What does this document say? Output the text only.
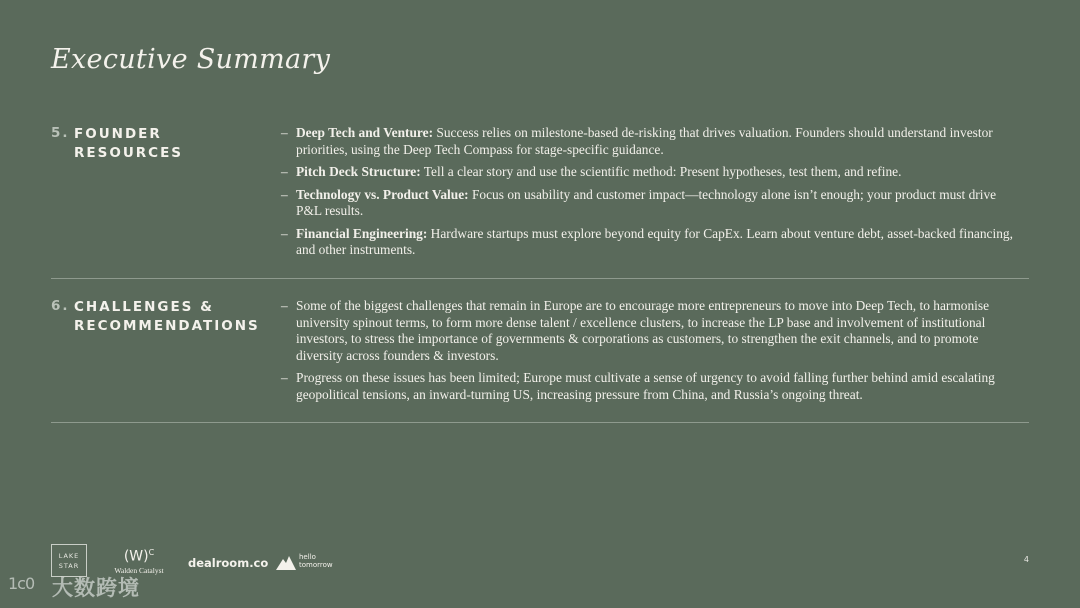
Executive Summary
5. FOUNDER RESOURCES
– Deep Tech and Venture: Success relies on milestone-based de-risking that drives valuation. Founders should understand investor priorities, using the Deep Tech Compass for stage-specific guidance.
– Pitch Deck Structure: Tell a clear story and use the scientific method: Present hypotheses, test them, and refine.
– Technology vs. Product Value: Focus on usability and customer impact—technology alone isn’t enough; your product must drive P&L results.
– Financial Engineering: Hardware startups must explore beyond equity for CapEx. Learn about venture debt, asset-backed financing, and other instruments.
6. CHALLENGES & RECOMMENDATIONS
– Some of the biggest challenges that remain in Europe are to encourage more entrepreneurs to move into Deep Tech, to harmonise university spinout terms, to form more dense talent / excellence clusters, to increase the LP base and involvement of institutional investors, to stress the importance of governments & corporations as customers, to strengthen the exit channels, and to promote diversity across founders & investors.
– Progress on these issues has been limited; Europe must cultivate a sense of urgency to avoid falling further behind amid escalating geopolitical tensions, an inward-turning US, increasing pressure from China, and Russia’s ongoing threat.
LAKE
STAR
$(W)^C$
Walden Catalyst
dealroom.co	hello
tomorrow
4
1c0 大数跨境
